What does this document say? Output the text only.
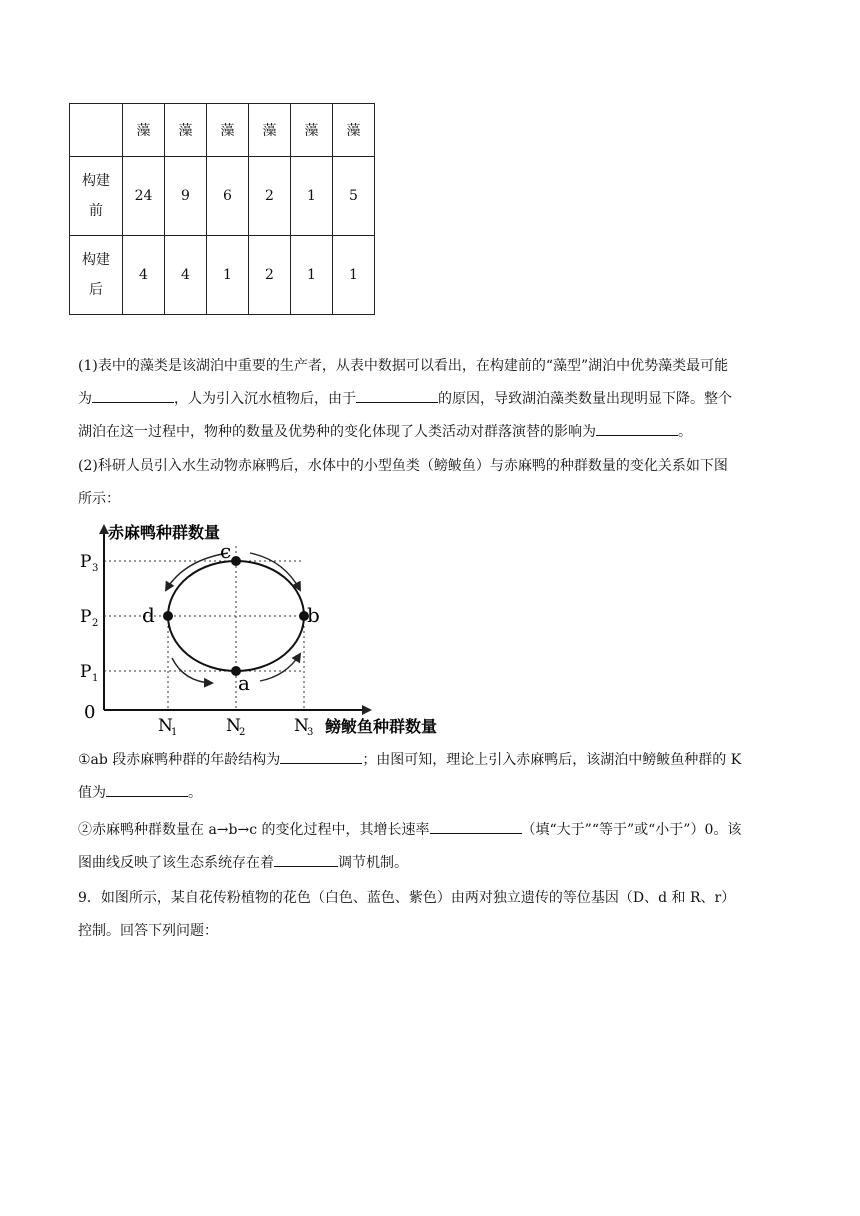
	藻	藻	藻	藻	藻	藻
构建
前	24	9	6	2	1	5
构建
后	4	4	1	2	1	1
(1)表中的藻类是该湖泊中重要的生产者，从表中数据可以看出，在构建前的“藻型”湖泊中优势藻类最可能
为	，人为引入沉水植物后，由于	的原因，导致湖泊藻类数量出现明显下降。整个
湖泊在这一过程中，物种的数量及优势种的变化体现了人类活动对群落演替的影响为	。
(2)科研人员引入水生动物赤麻鸭后，水体中的小型鱼类（鳑鲏鱼）与赤麻鸭的种群数量的变化关系如下图
所示：
c
b
a
d
赤麻鸭种群数量
鳑鲏鱼种群数量
0
P 3
P 2
P 1
N
1	N
2	N
3
①ab 段赤麻鸭种群的年龄结构为	；由图可知，理论上引入赤麻鸭后，该湖泊中鳑鲏鱼种群的 K
值为	。
②赤麻鸭种群数量在 a→b→c 的变化过程中，其增长速率	（填“大于”“等于”或“小于”）0。该
图曲线反映了该生态系统存在着	调节机制。
9．如图所示，某自花传粉植物的花色（白色、蓝色、紫色）由两对独立遗传的等位基因（D、d 和 R、r）
控制。回答下列问题：
